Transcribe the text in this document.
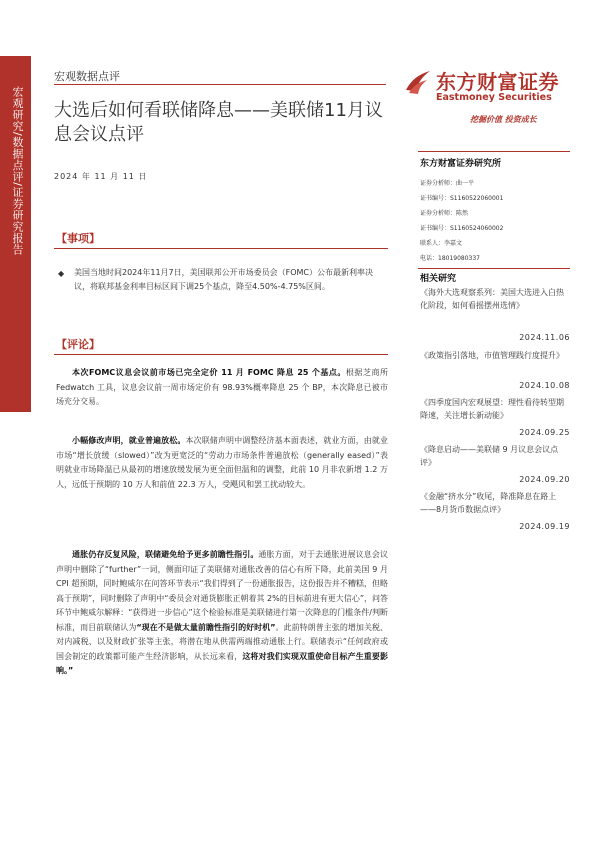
宏观研究/数据点评/证券研究报告
宏观数据点评
大选后如何看联储降息——美联储11月议息会议点评
2024 年 11 月 11 日
东方财富证券
Eastmoney Securities
挖掘价值 投资成长
东方财富证券研究所
证券分析师：曲一平
证书编号：S1160522060001
证券分析师：陈然
证书编号：S1160524060002
联系人：李嘉文
电话：18019080337
相关研究
《海外大选观察系列：美国大选进入白热化阶段，如何看摇摆州选情》
2024.11.06
《政策指引落地，市值管理践行度提升》
2024.10.08
《四季度国内宏观展望：理性看待转型期降速，关注增长新动能》
2024.09.25
《降息启动——美联储 9 月议息会议点评》
2024.09.20
《金融“挤水分”收尾，降准降息在路上——8月货币数据点评》
2024.09.19
【事项】
◆ 美国当地时间2024年11月7日，美国联邦公开市场委员会（FOMC）公布最新利率决议，将联邦基金利率目标区间下调25个基点，降至4.50%-4.75%区间。
【评论】
本次FOMC议息会议前市场已完全定价 11 月 FOMC 降息 25 个基点。根据芝商所 Fedwatch 工具，议息会议前一周市场定价有 98.93%概率降息 25 个 BP，本次降息已被市场充分交易。
小幅修改声明，就业普遍放松。本次联储声明中调整经济基本面表述，就业方面，由就业市场“增长放缓（slowed）”改为更宽泛的“劳动力市场条件普遍放松（generally eased）”表明就业市场降温已从最初的增速放缓发展为更全面但温和的调整，此前 10 月非农新增 1.2 万人，远低于预期的 10 万人和前值 22.3 万人，受飓风和罢工扰动较大。
通胀仍存反复风险，联储避免给予更多前瞻性指引。通胀方面，对于去通胀进展议息会议声明中删除了“further”一词，侧面印证了美联储对通胀改善的信心有所下降，此前美国 9 月 CPI 超预期，同时鲍威尔在问答环节表示“我们得到了一份通胀报告，这份报告并不糟糕，但略高于预期”，同时删除了声明中“委员会对通货膨胀正朝着其 2%的目标前进有更大信心”，问答环节中鲍威尔解释：“获得进一步信心”这个检验标准是美联储进行第一次降息的门槛条件/判断标准，而目前联储认为“现在不是做太量前瞻性指引的好时机”。此前特朗普主张的增加关税、对内减税、以及财政扩张等主张，将潜在地从供需两端推动通胀上行。联储表示“任何政府或国会制定的政策都可能产生经济影响，从长远来看，这将对我们实现双重使命目标产生重要影响。”
